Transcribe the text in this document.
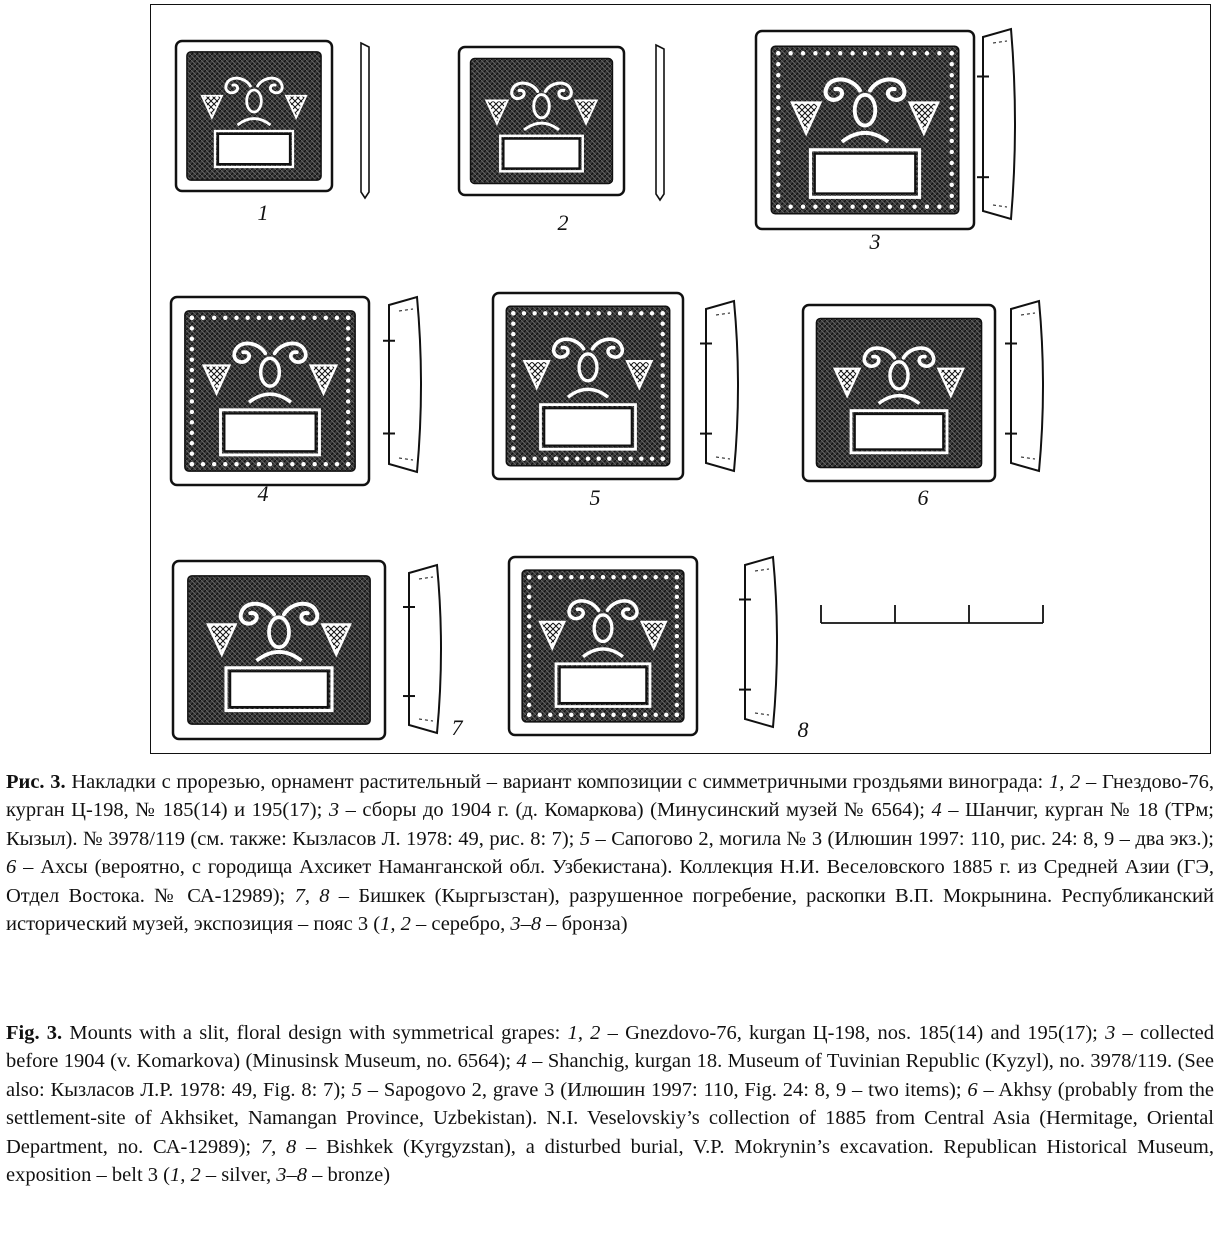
1	2
3
4	5	6
7	8
Рис. 3. Накладки с прорезью, орнамент растительный – вариант композиции с симметричными гроздьями винограда: 1, 2 – Гнездово-76, курган Ц-198, № 185(14) и 195(17); 3 – сборы до 1904 г. (д. Комаркова) (Минусинский музей № 6564); 4 – Шанчиг, курган № 18 (ТРм; Кызыл). № 3978/119 (см. также: Кызласов Л. 1978: 49, рис. 8: 7); 5 – Сапогово 2, могила № 3 (Илюшин 1997: 110, рис. 24: 8, 9 – два экз.); 6 – Ахсы (вероятно, с городища Ахсикет Наманганской обл. Узбекистана). Коллекция Н.И. Веселовского 1885 г. из Средней Азии (ГЭ, Отдел Востока. № СА-12989); 7, 8 – Бишкек (Кыргызстан), разрушенное погребение, раскопки В.П. Мокрынина. Республиканский исторический музей, экспозиция – пояс 3 (1, 2 – серебро, 3–8 – бронза)
Fig. 3. Mounts with a slit, floral design with symmetrical grapes: 1, 2 – Gnezdovo-76, kurgan Ц-198, nos. 185(14) and 195(17); 3 – collected before 1904 (v. Komarkova) (Minusinsk Museum, no. 6564); 4 – Shanchig, kurgan 18. Museum of Tuvinian Republic (Kyzyl), no. 3978/119. (See also: Кызласов Л.Р. 1978: 49, Fig. 8: 7); 5 – Sapogovo 2, grave 3 (Илюшин 1997: 110, Fig. 24: 8, 9 – two items); 6 – Akhsy (probably from the settlement-site of Akhsiket, Namangan Province, Uzbekistan). N.I. Veselovskiy’s collection of 1885 from Central Asia (Hermitage, Oriental Department, no. СА-12989); 7, 8 – Bishkek (Kyrgyzstan), a disturbed burial, V.P. Mokrynin’s excavation. Republican Historical Museum, exposition – belt 3 (1, 2 – silver, 3–8 – bronze)
